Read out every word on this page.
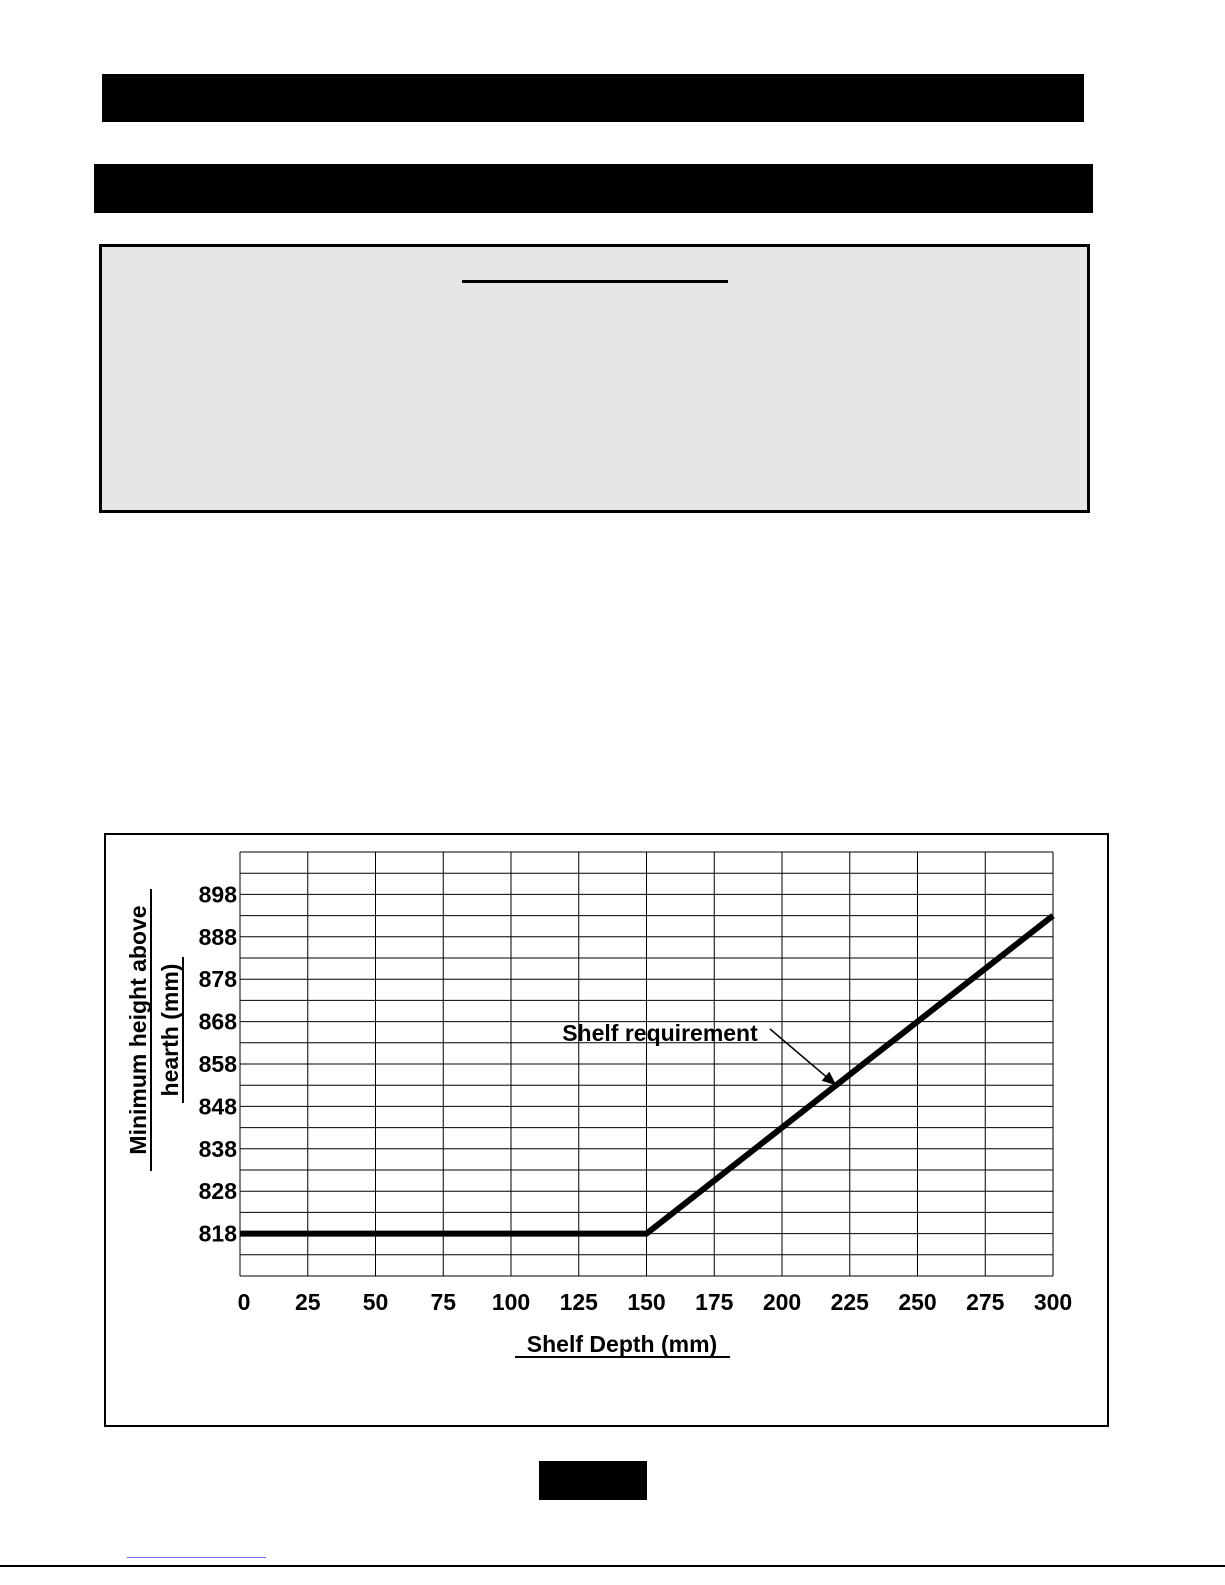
818
828
838
848
858
868
878
888
898
0 25 50 75 100 125 150 175 200 225 250 275 300
Shelf requirement
Shelf Depth (mm)
Minimum height above hearth (mm)
